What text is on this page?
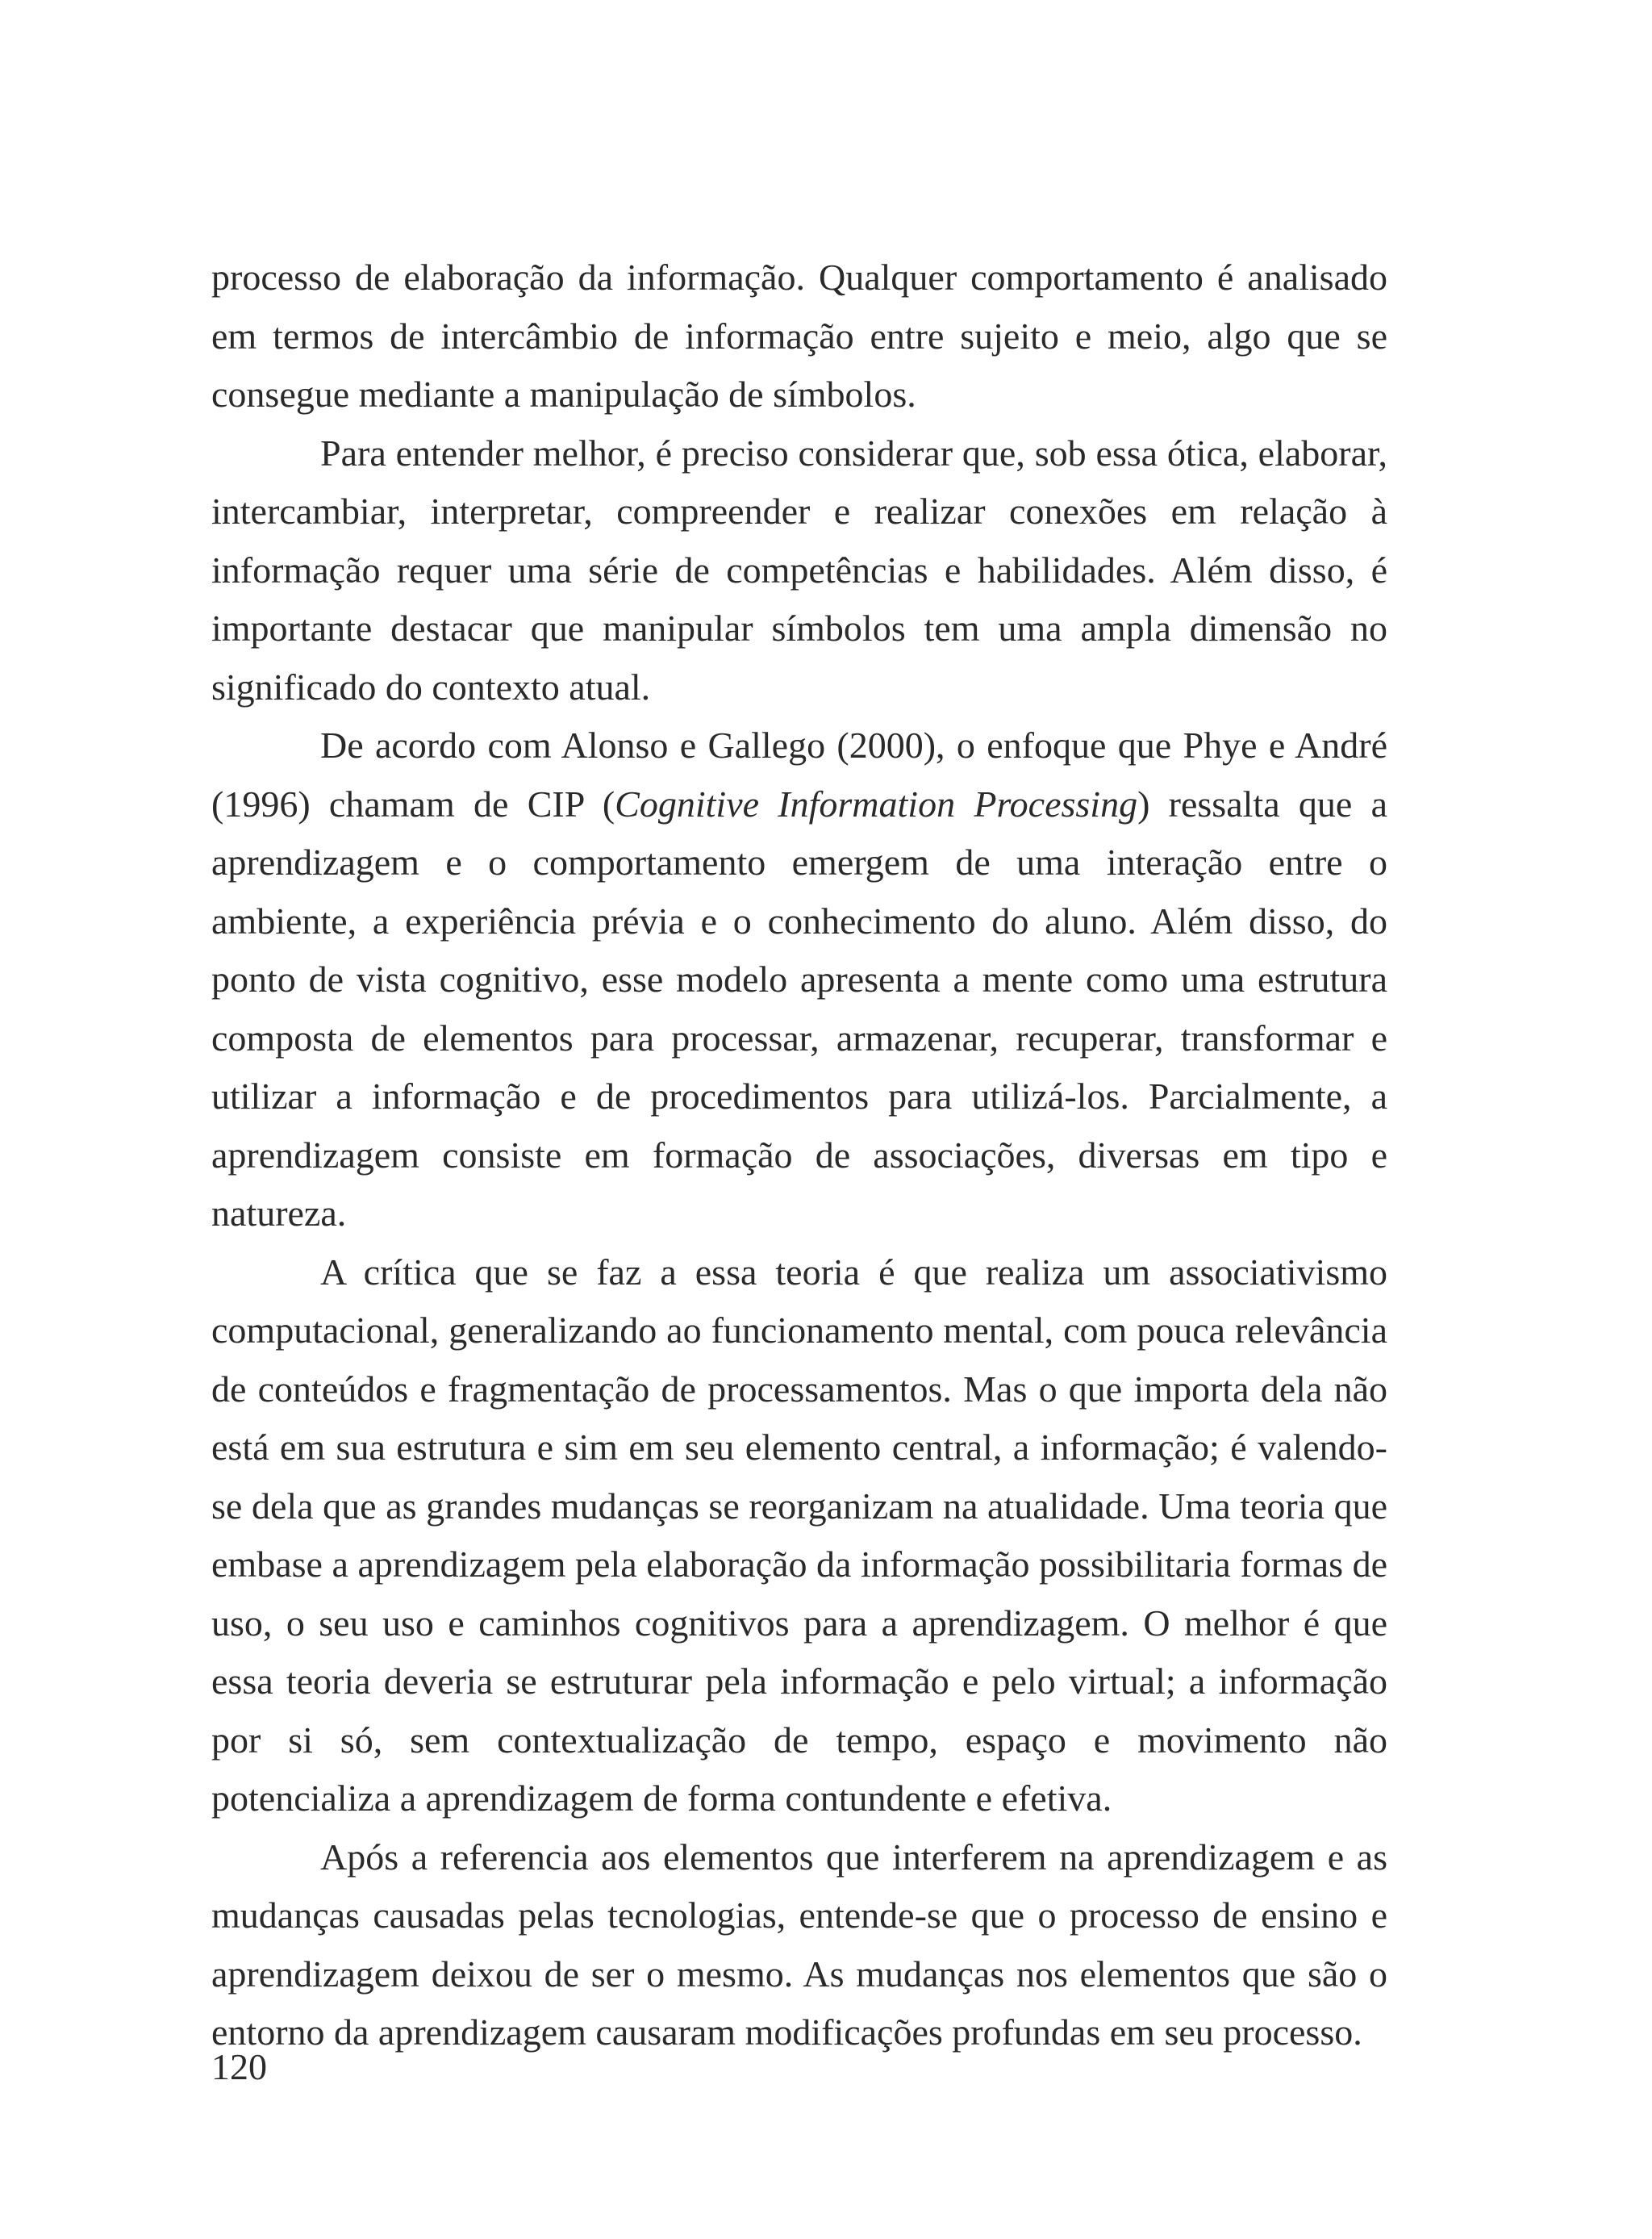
processo de elaboração da informação. Qualquer comportamento é analisado em termos de intercâmbio de informação entre sujeito e meio, algo que se consegue mediante a manipulação de símbolos.

Para entender melhor, é preciso considerar que, sob essa ótica, elaborar, intercambiar, interpretar, compreender e realizar conexões em relação à informação requer uma série de competências e habilidades. Além disso, é importante destacar que manipular símbolos tem uma ampla dimensão no significado do contexto atual.

De acordo com Alonso e Gallego (2000), o enfoque que Phye e André (1996) chamam de CIP (Cognitive Information Processing) ressalta que a aprendizagem e o comportamento emergem de uma interação entre o ambiente, a experiência prévia e o conhecimento do aluno. Além disso, do ponto de vista cognitivo, esse modelo apresenta a mente como uma estrutura composta de elementos para processar, armazenar, recuperar, transformar e utilizar a informação e de procedimentos para utilizá-los. Parcialmente, a aprendizagem consiste em formação de associações, diversas em tipo e natureza.

A crítica que se faz a essa teoria é que realiza um associativismo computacional, generalizando ao funcionamento mental, com pouca relevância de conteúdos e fragmentação de processamentos. Mas o que importa dela não está em sua estrutura e sim em seu elemento central, a informação; é valendo-se dela que as grandes mudanças se reorganizam na atualidade. Uma teoria que embase a aprendizagem pela elaboração da informação possibilitaria formas de uso, o seu uso e caminhos cognitivos para a aprendizagem. O melhor é que essa teoria deveria se estruturar pela informação e pelo virtual; a informação por si só, sem contextualização de tempo, espaço e movimento não potencializa a aprendizagem de forma contundente e efetiva.

Após a referencia aos elementos que interferem na aprendizagem e as mudanças causadas pelas tecnologias, entende-se que o processo de ensino e aprendizagem deixou de ser o mesmo. As mudanças nos elementos que são o entorno da aprendizagem causaram modificações profundas em seu processo.

120
